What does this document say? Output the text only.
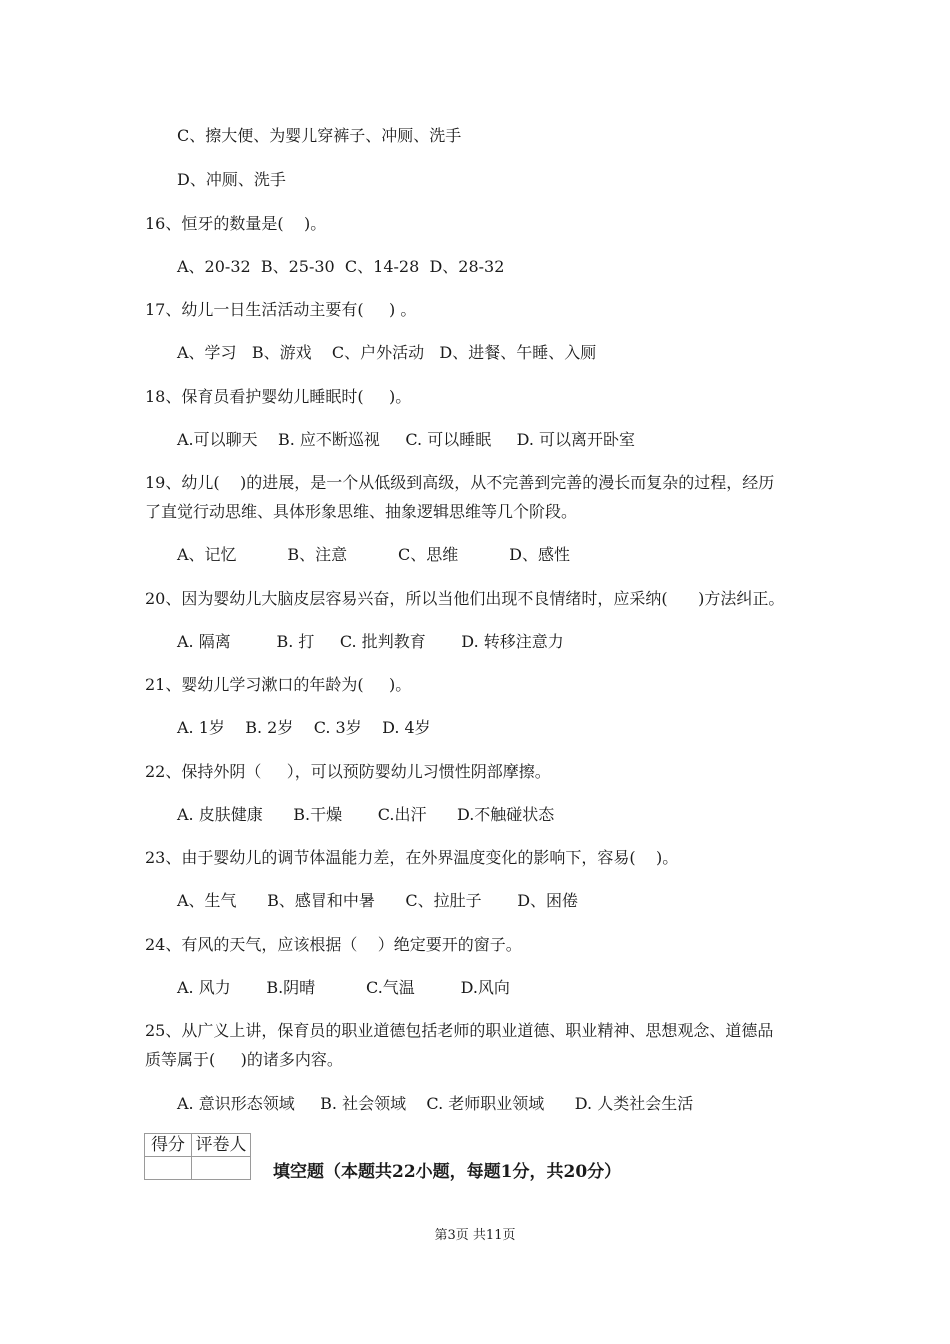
C、擦大便、为婴儿穿裤子、冲厕、洗手
D、冲厕、洗手
16、恒牙的数量是(    )。
A、20-32  B、25-30  C、14-28  D、28-32
17、幼儿一日生活活动主要有(     ) 。
A、学习   B、游戏    C、户外活动   D、进餐、午睡、入厕
18、保育员看护婴幼儿睡眠时(     )。
A.可以聊天    B. 应不断巡视     C. 可以睡眠     D. 可以离开卧室
19、幼儿(    )的进展，是一个从低级到高级，从不完善到完善的漫长而复杂的过程，经历
了直觉行动思维、具体形象思维、抽象逻辑思维等几个阶段。
A、记忆          B、注意          C、思维          D、感性
20、因为婴幼儿大脑皮层容易兴奋，所以当他们出现不良情绪时，应采纳(      )方法纠正。
A. 隔离         B. 打     C. 批判教育       D. 转移注意力
21、婴幼儿学习漱口的年龄为(     )。
A. 1岁    B. 2岁    C. 3岁    D. 4岁
22、保持外阴（     ），可以预防婴幼儿习惯性阴部摩擦。
A. 皮肤健康      B.干燥       C.出汗      D.不触碰状态
23、由于婴幼儿的调节体温能力差，在外界温度变化的影响下，容易(    )。
A、生气      B、感冒和中暑      C、拉肚子       D、困倦
24、有风的天气，应该根据（    ）绝定要开的窗子。
A. 风力       B.阴晴          C.气温         D.风向
25、从广义上讲，保育员的职业道德包括老师的职业道德、职业精神、思想观念、道德品
质等属于(     )的诸多内容。
A. 意识形态领域     B. 社会领域    C. 老师职业领域      D. 人类社会生活
得分	评卷人

填空题（本题共22小题，每题1分，共20分）
第3页 共11页
